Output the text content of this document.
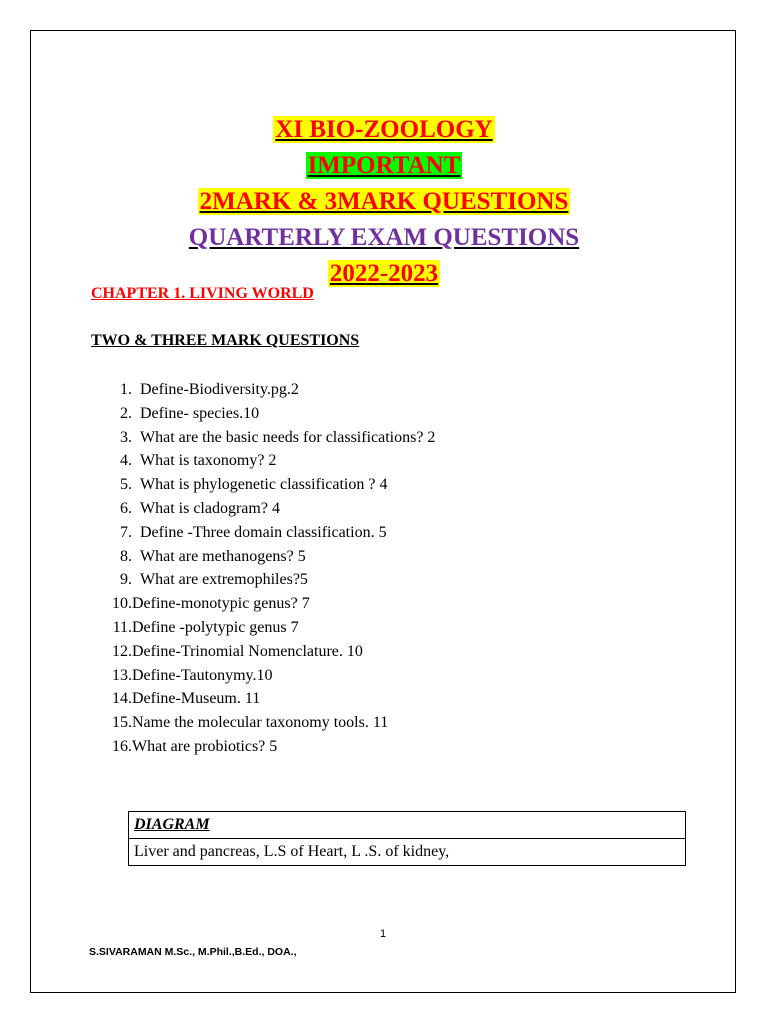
XI BIO-ZOOLOGY
IMPORTANT
2MARK & 3MARK QUESTIONS
QUARTERLY EXAM QUESTIONS
2022-2023
CHAPTER 1. LIVING WORLD
TWO & THREE MARK QUESTIONS
1. Define-Biodiversity.pg.2
2. Define- species.10
3. What are the basic needs for classifications? 2
4. What is taxonomy? 2
5. What is phylogenetic classification ? 4
6. What is cladogram? 4
7. Define -Three domain classification. 5
8. What are methanogens? 5
9. What are extremophiles?5
10.Define-monotypic genus? 7
11.Define -polytypic genus 7
12.Define-Trinomial Nomenclature. 10
13.Define-Tautonymy.10
14.Define-Museum. 11
15.Name the molecular taxonomy tools. 11
16.What are probiotics? 5
DIAGRAM
Liver and pancreas, L.S of Heart, L .S. of kidney,
1
S.SIVARAMAN M.Sc., M.Phil.,B.Ed., DOA.,
